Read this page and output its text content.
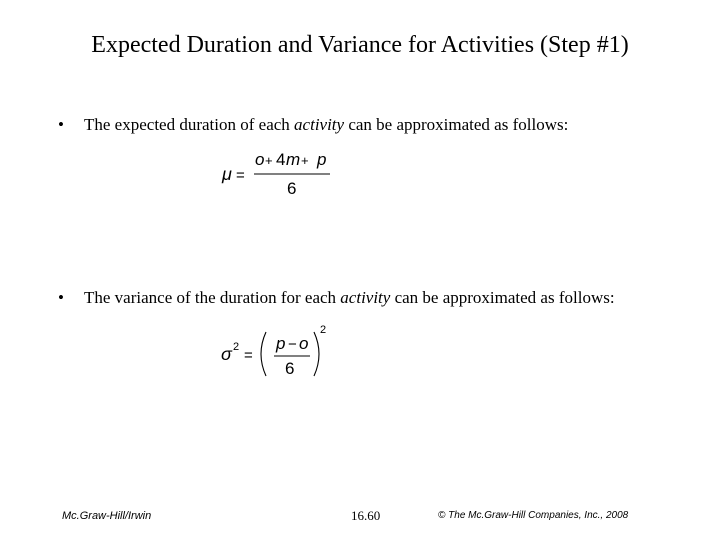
Expected Duration and Variance for Activities (Step #1)
• The expected duration of each activity can be approximated as follows:
μ =
o + 4 m + p
6
• The variance of the duration for each activity can be approximated as follows:
σ 2 =
p − o
6
2
Mc.Graw-Hill/Irwin	16.60	© The Mc.Graw-Hill Companies, Inc., 2008
